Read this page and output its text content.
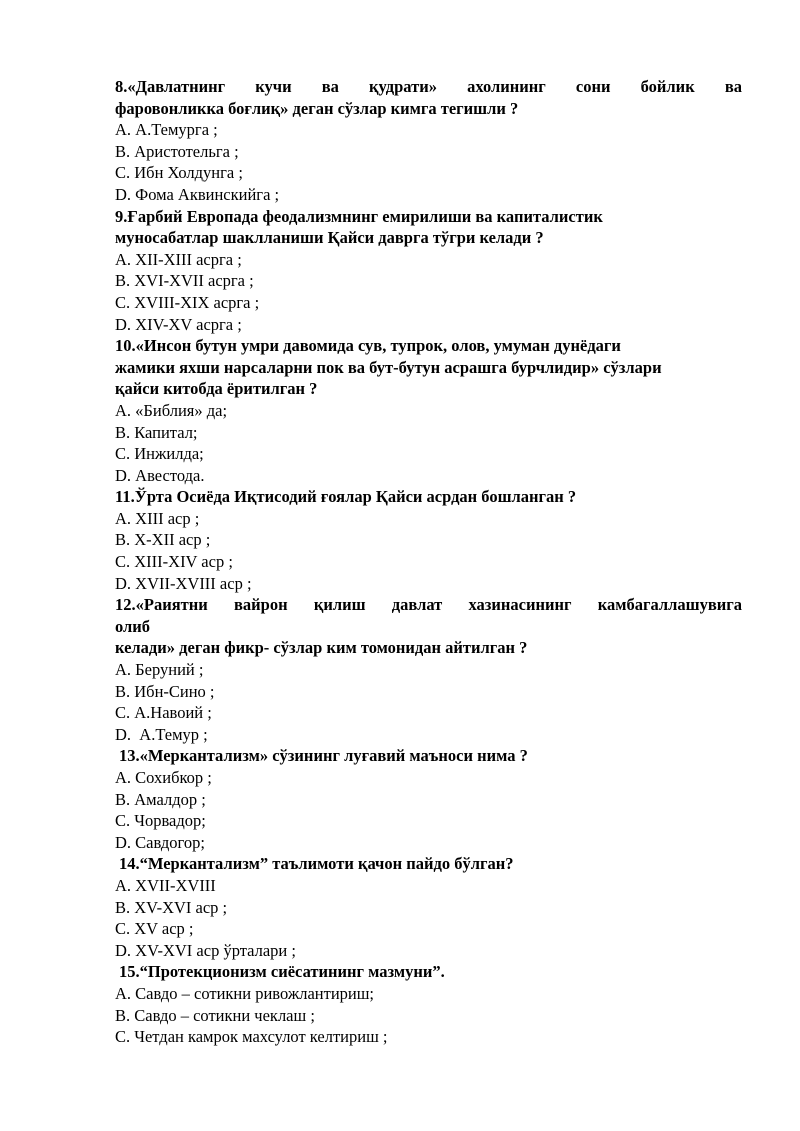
8.«Давлатнинг кучи ва қудрати» ахолининг сони бойлик ва
фаровонликка боғлиқ» деган сўзлар кимга тегишли ?
A. А.Темурга ;
B. Аристотельга ;
C. Ибн Холдунга ;
D. Фома Аквинскийга ;
9.Ғарбий Европада феодализмнинг емирилиши ва капиталистик
муносабатлар шаклланиши Қайси даврга тўгри келади ?
A. XII-XIII асрга ;
B. XVI-XVII асрга ;
C. XVIII-XIX асрга ;
D. XIV-XV асрга ;
10.«Инсон бутун умри давомида сув, тупрок, олов, умуман дунёдаги
жамики яхши нарсаларни пок ва бут-бутун асрашга бурчлидир» сўзлари
қайси китобда ёритилган ?
A. «Библия» да;
B. Капитал;
C. Инжилда;
D. Авестода.
11.Ўрта Осиёда Иқтисодий ғоялар Қайси асрдан бошланган ?
A. XIII аср ;
B. X-XII аср ;
C. XIII-XIV аср ;
D. XVII-XVIII аср ;
12.«Раиятни вайрон қилиш давлат хазинасининг камбагаллашувига
олиб
келади» деган фикр- сўзлар ким томонидан айтилган ?
A. Беруний ;
B. Ибн-Сино ;
C. А.Навоий ;
D.  А.Темур ;
13.«Меркантализм» сўзининг луғавий маъноси нима ?
A. Сохибкор ;
B. Амалдор ;
C. Чорвадор;
D. Савдогор;
14.“Меркантализм” таълимоти қачон пайдо бўлган?
A. XVII-XVIII
B. XV-XVI аср ;
C. XV аср ;
D. XV-XVI аср ўрталари ;
15.“Протекционизм сиёсатининг мазмуни”.
A. Савдо – сотикни ривожлантириш;
B. Савдо – сотикни чеклаш ;
C. Четдан камрок махсулот келтириш ;
